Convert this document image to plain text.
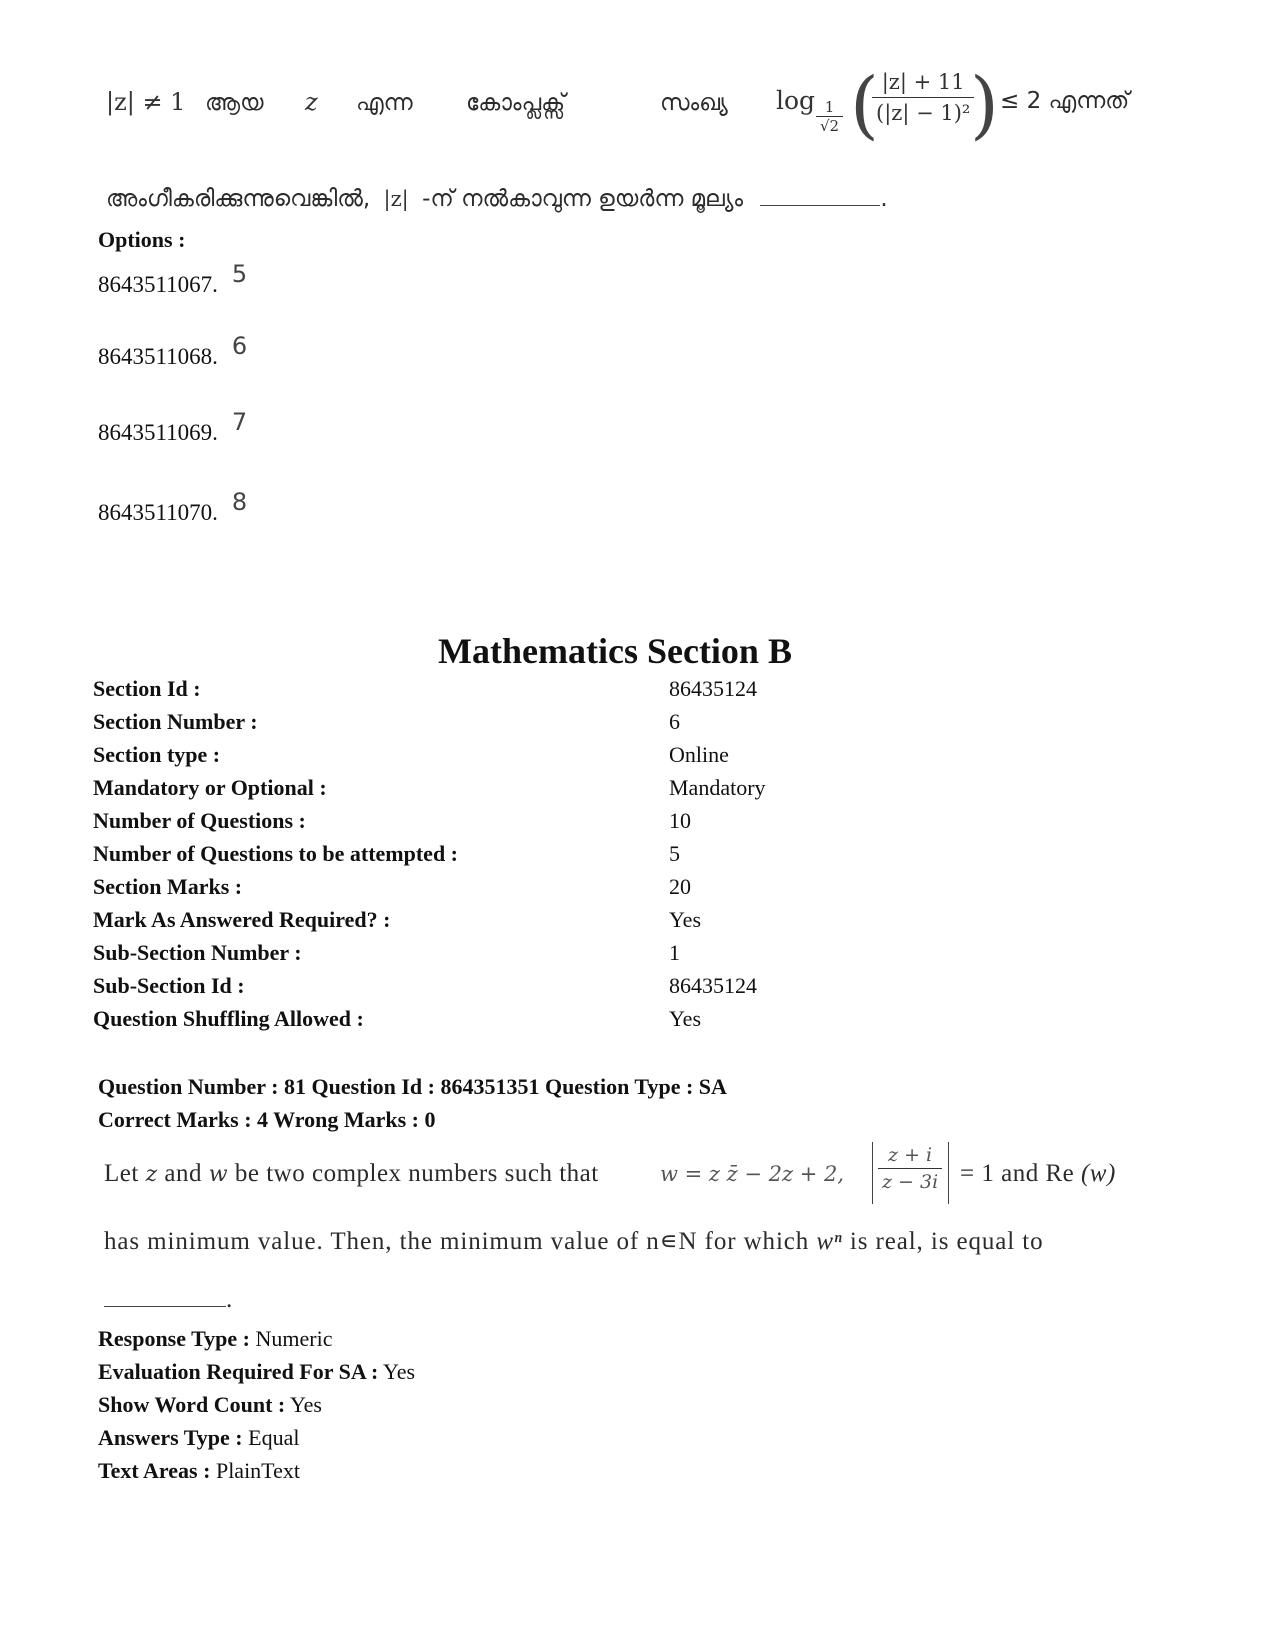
|z| ≠ 1 ആയ z എന്ന കോംപ്ലക്സ്	സംഖ്യ $\log \frac{1}{√2}$ (
$\frac{|z| + 11}{\text{(|z| − 1)²}}$
) ≤ 2 എന്നത്
അംഗീകരിക്കുന്നുവെങ്കിൽ, |z| -ന് നൽകാവുന്ന ഉയർന്ന മൂല്യം	.
Options :
8643511067. 5
8643511068. 6
8643511069. 7
8643511070. 8
Mathematics Section B
Section Id :	86435124
Section Number :	6
Section type :	Online
Mandatory or Optional :	Mandatory
Number of Questions :	10
Number of Questions to be attempted :	5
Section Marks :	20
Mark As Answered Required? :	Yes
Sub-Section Number :	1
Sub-Section Id :	86435124
Question Shuffling Allowed :	Yes
Question Number : 81 Question Id : 864351351 Question Type : SA
Correct Marks : 4 Wrong Marks : 0
Let z and w be two complex numbers such that	w = z z̄ − 2z + 2, $\frac{z + i}{z - 3i} = 1$ and Re (w)
has minimum value. Then, the minimum value of n∊N for which wⁿ is real, is equal to
.
Response Type : Numeric
Evaluation Required For SA : Yes
Show Word Count : Yes
Answers Type : Equal
Text Areas : PlainText
